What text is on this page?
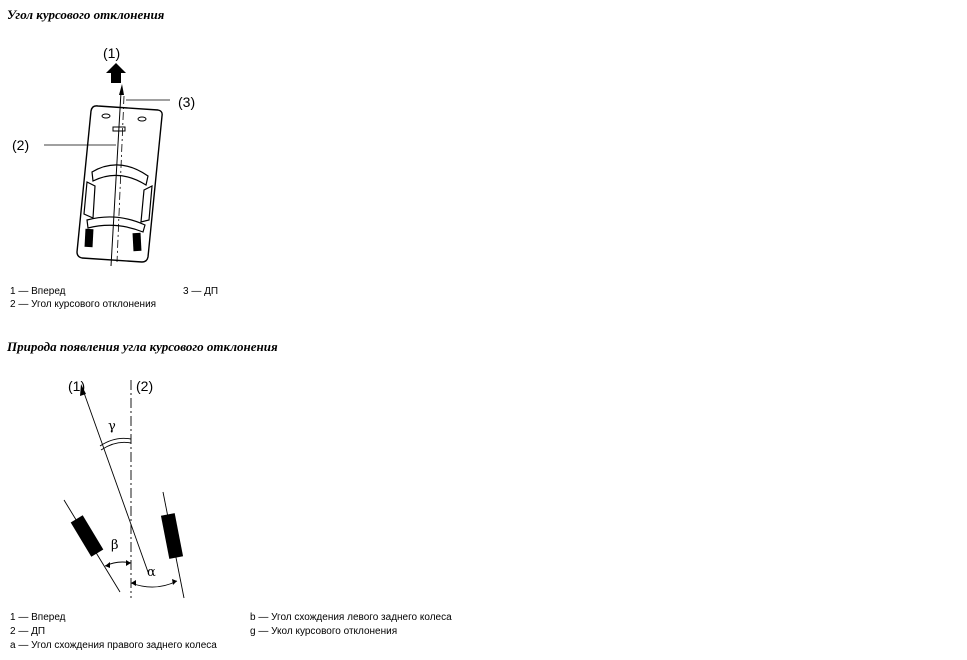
Угол курсового отклонения
(1)
(3)
(2)
1 — Вперед
2 — Угол курсового отклонения
3 — ДП
Природа появления угла курсового отклонения
(1)	(2)
γ
β
α
1 — Вперед
2 — ДП
a — Угол схождения правого заднего колеса
b — Угол схождения левого заднего колеса
g — Укол курсового отклонения
